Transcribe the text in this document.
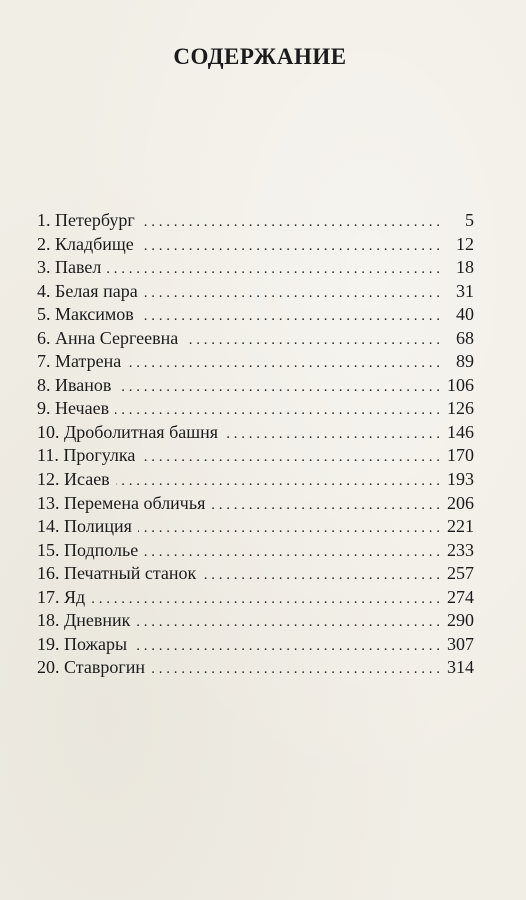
СОДЕРЖАНИЕ
1. Петербург . . .	5
2. Кладбище . . .	12
3. Павел . . .	18
4. Белая пара . . .	31
5. Максимов . . .	40
6. Анна Сергеевна . . .	68
7. Матрена . . .	89
8. Иванов . . .	106
9. Нечаев . . .	126
10. Дроболитная башня . . .	146
11. Прогулка . . .	170
12. Исаев . . .	193
13. Перемена обличья . . .	206
14. Полиция . . .	221
15. Подполье . . .	233
16. Печатный станок . . .	257
17. Яд . . .	274
18. Дневник . . .	290
19. Пожары . . .	307
20. Ставрогин . . .	314
